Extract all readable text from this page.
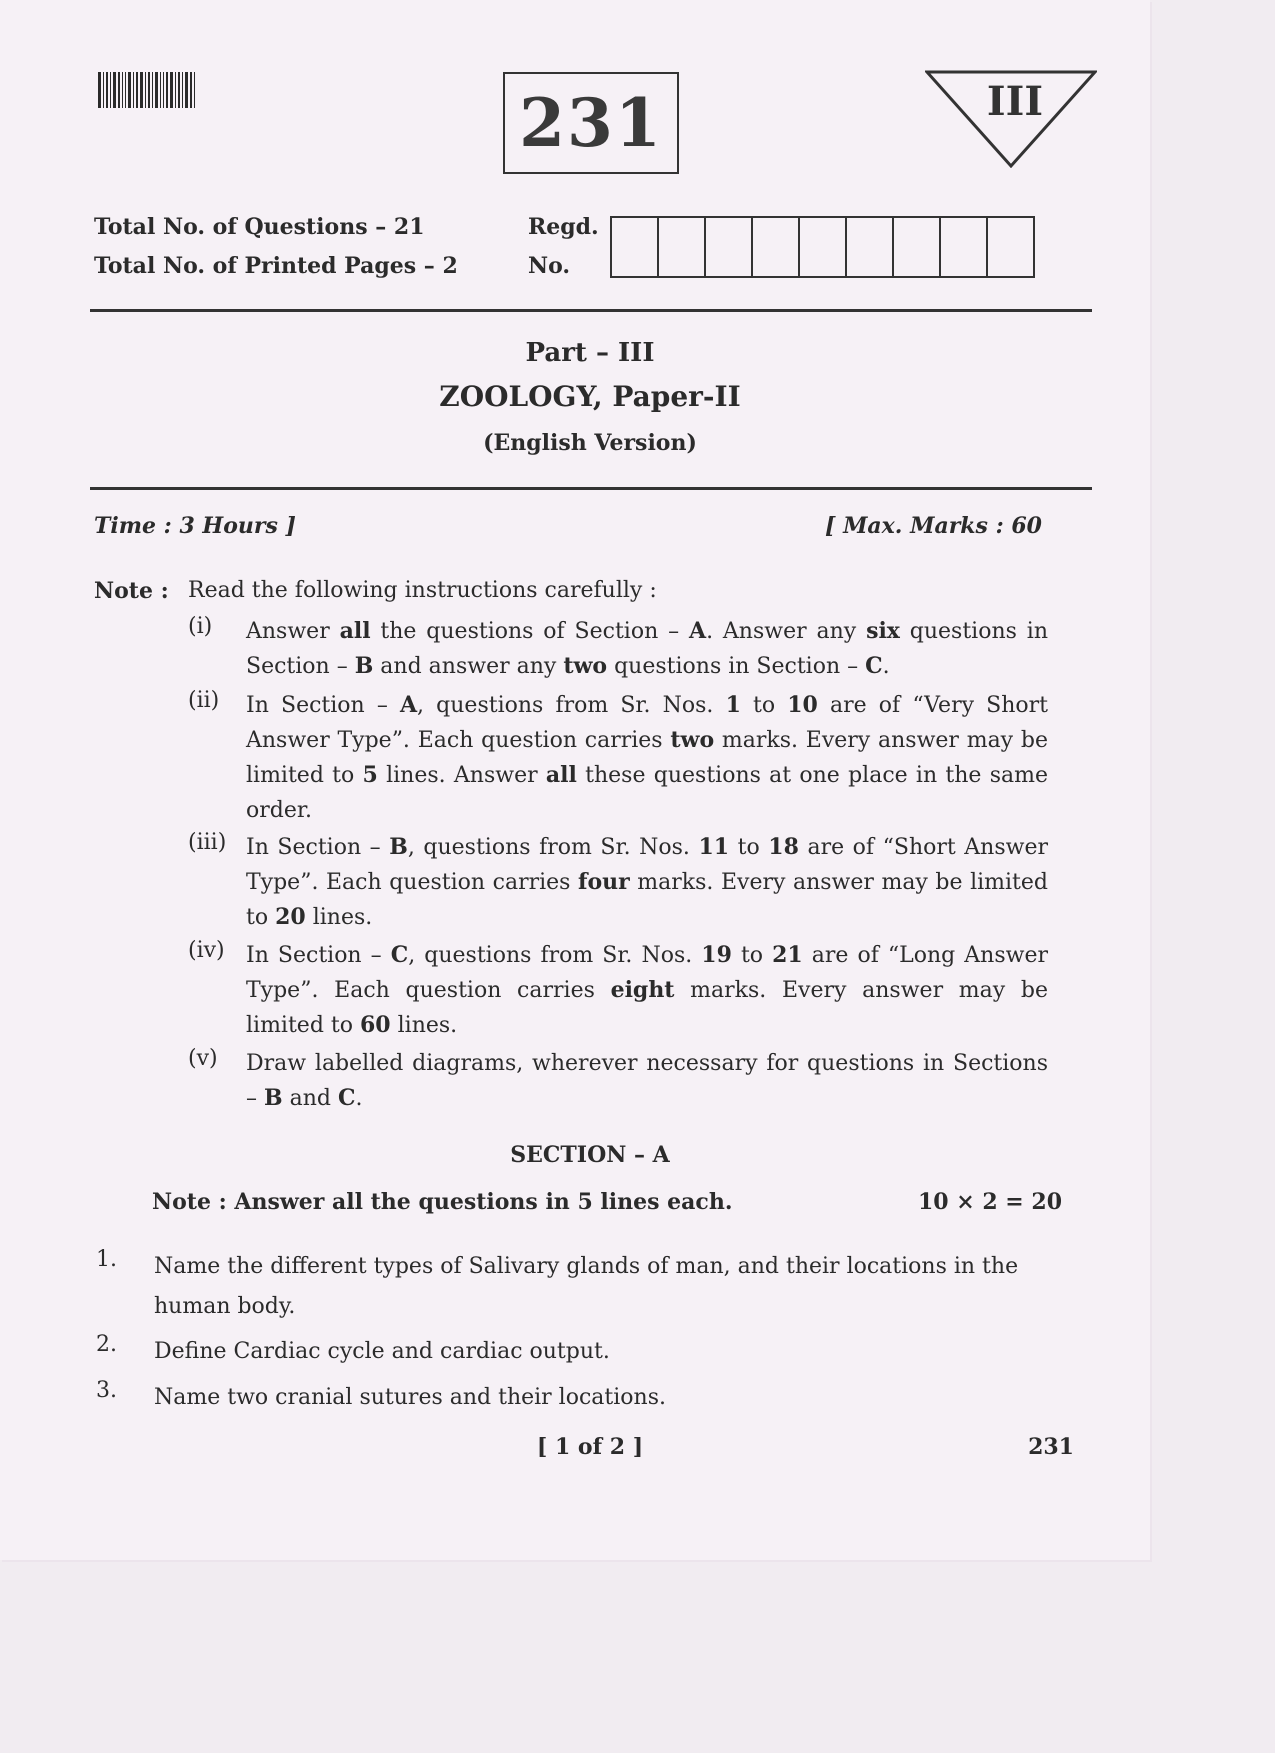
231	III
Total No. of Questions – 21
Total No. of Printed Pages – 2
Regd.
No.
Part – III
ZOOLOGY, Paper-II
(English Version)
Time : 3 Hours ]	[ Max. Marks : 60
Note : Read the following instructions carefully :
(i) Answer all the questions of Section – A. Answer any six questions in Section – B and answer any two questions in Section – C.
(ii) In Section – A, questions from Sr. Nos. 1 to 10 are of “Very Short Answer Type”. Each question carries two marks. Every answer may be limited to 5 lines. Answer all these questions at one place in the same order.
(iii) In Section – B, questions from Sr. Nos. 11 to 18 are of “Short Answer Type”. Each question carries four marks. Every answer may be limited to 20 lines.
(iv) In Section – C, questions from Sr. Nos. 19 to 21 are of “Long Answer Type”. Each question carries eight marks. Every answer may be limited to 60 lines.
(v) Draw labelled diagrams, wherever necessary for questions in Sections – B and C.
SECTION – A
Note : Answer all the questions in 5 lines each.	10 × 2 = 20
1. Name the different types of Salivary glands of man, and their locations in the human body.
2. Define Cardiac cycle and cardiac output.
3. Name two cranial sutures and their locations.
[ 1 of 2 ]	231
